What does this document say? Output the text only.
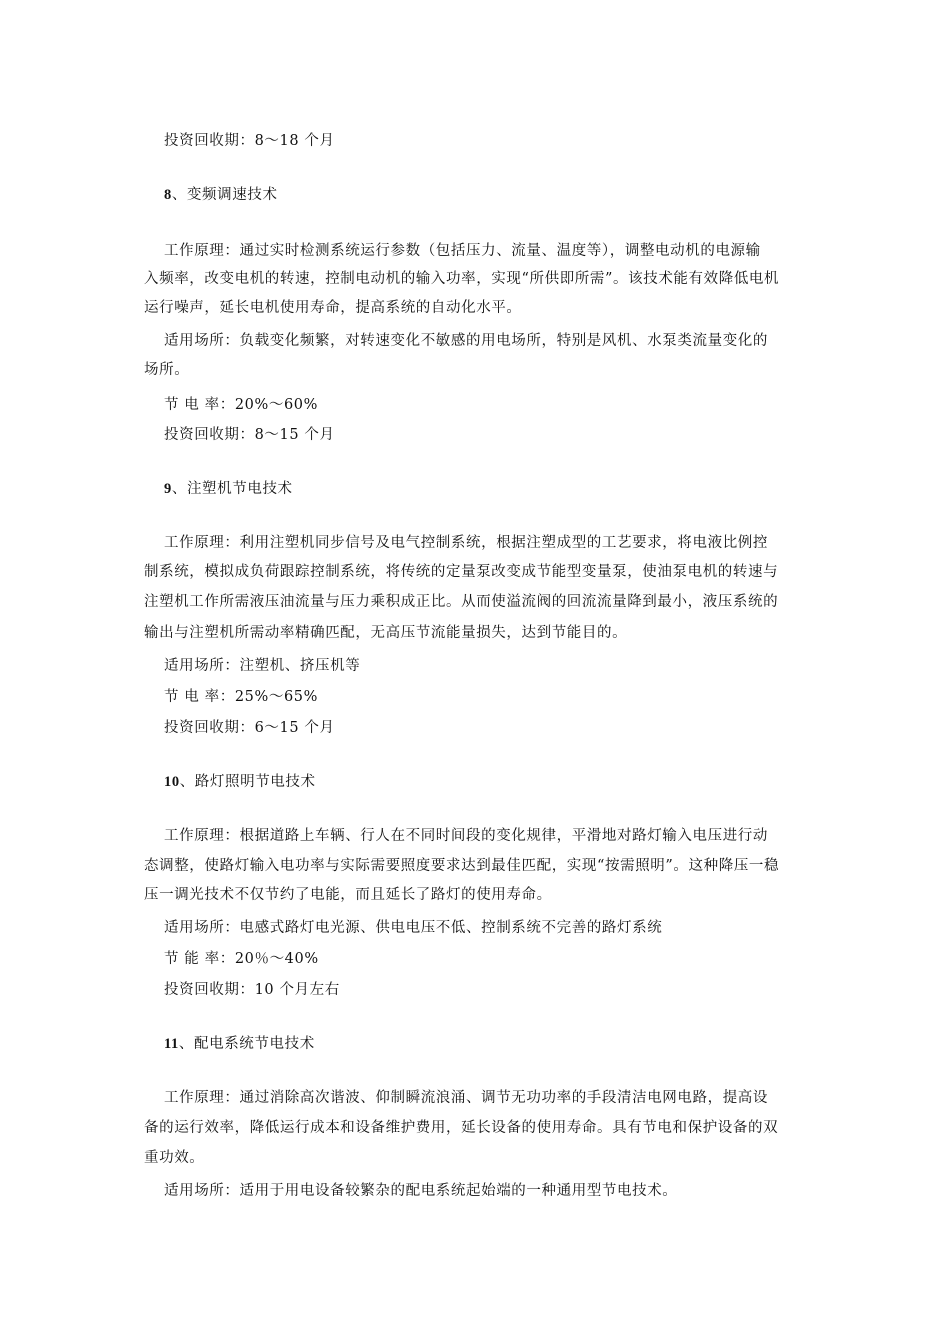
投资回收期：8～18 个月
8、变频调速技术
工作原理：通过实时检测系统运行参数（包括压力、流量、温度等），调整电动机的电源输
入频率，改变电机的转速，控制电动机的输入功率，实现“所供即所需”。该技术能有效降低电机
运行噪声，延长电机使用寿命，提高系统的自动化水平。
适用场所：负载变化频繁，对转速变化不敏感的用电场所，特别是风机、水泵类流量变化的
场所。
节 电 率：20%～60%
投资回收期：8～15 个月
9、注塑机节电技术
工作原理：利用注塑机同步信号及电气控制系统，根据注塑成型的工艺要求，将电液比例控
制系统，模拟成负荷跟踪控制系统，将传统的定量泵改变成节能型变量泵，使油泵电机的转速与
注塑机工作所需液压油流量与压力乘积成正比。从而使溢流阀的回流流量降到最小，液压系统的
输出与注塑机所需动率精确匹配，无高压节流能量损失，达到节能目的。
适用场所：注塑机、挤压机等
节 电 率：25%～65%
投资回收期：6～15 个月
10、路灯照明节电技术
工作原理：根据道路上车辆、行人在不同时间段的变化规律，平滑地对路灯输入电压进行动
态调整，使路灯输入电功率与实际需要照度要求达到最佳匹配，实现“按需照明”。这种降压一稳
压一调光技术不仅节约了电能，而且延长了路灯的使用寿命。
适用场所：电感式路灯电光源、供电电压不低、控制系统不完善的路灯系统
节 能 率：20％～40%
投资回收期：10 个月左右
11、配电系统节电技术
工作原理：通过消除高次谐波、仰制瞬流浪涌、调节无功功率的手段清洁电网电路，提高设
备的运行效率，降低运行成本和设备维护费用，延长设备的使用寿命。具有节电和保护设备的双
重功效。
适用场所：适用于用电设备较繁杂的配电系统起始端的一种通用型节电技术。
